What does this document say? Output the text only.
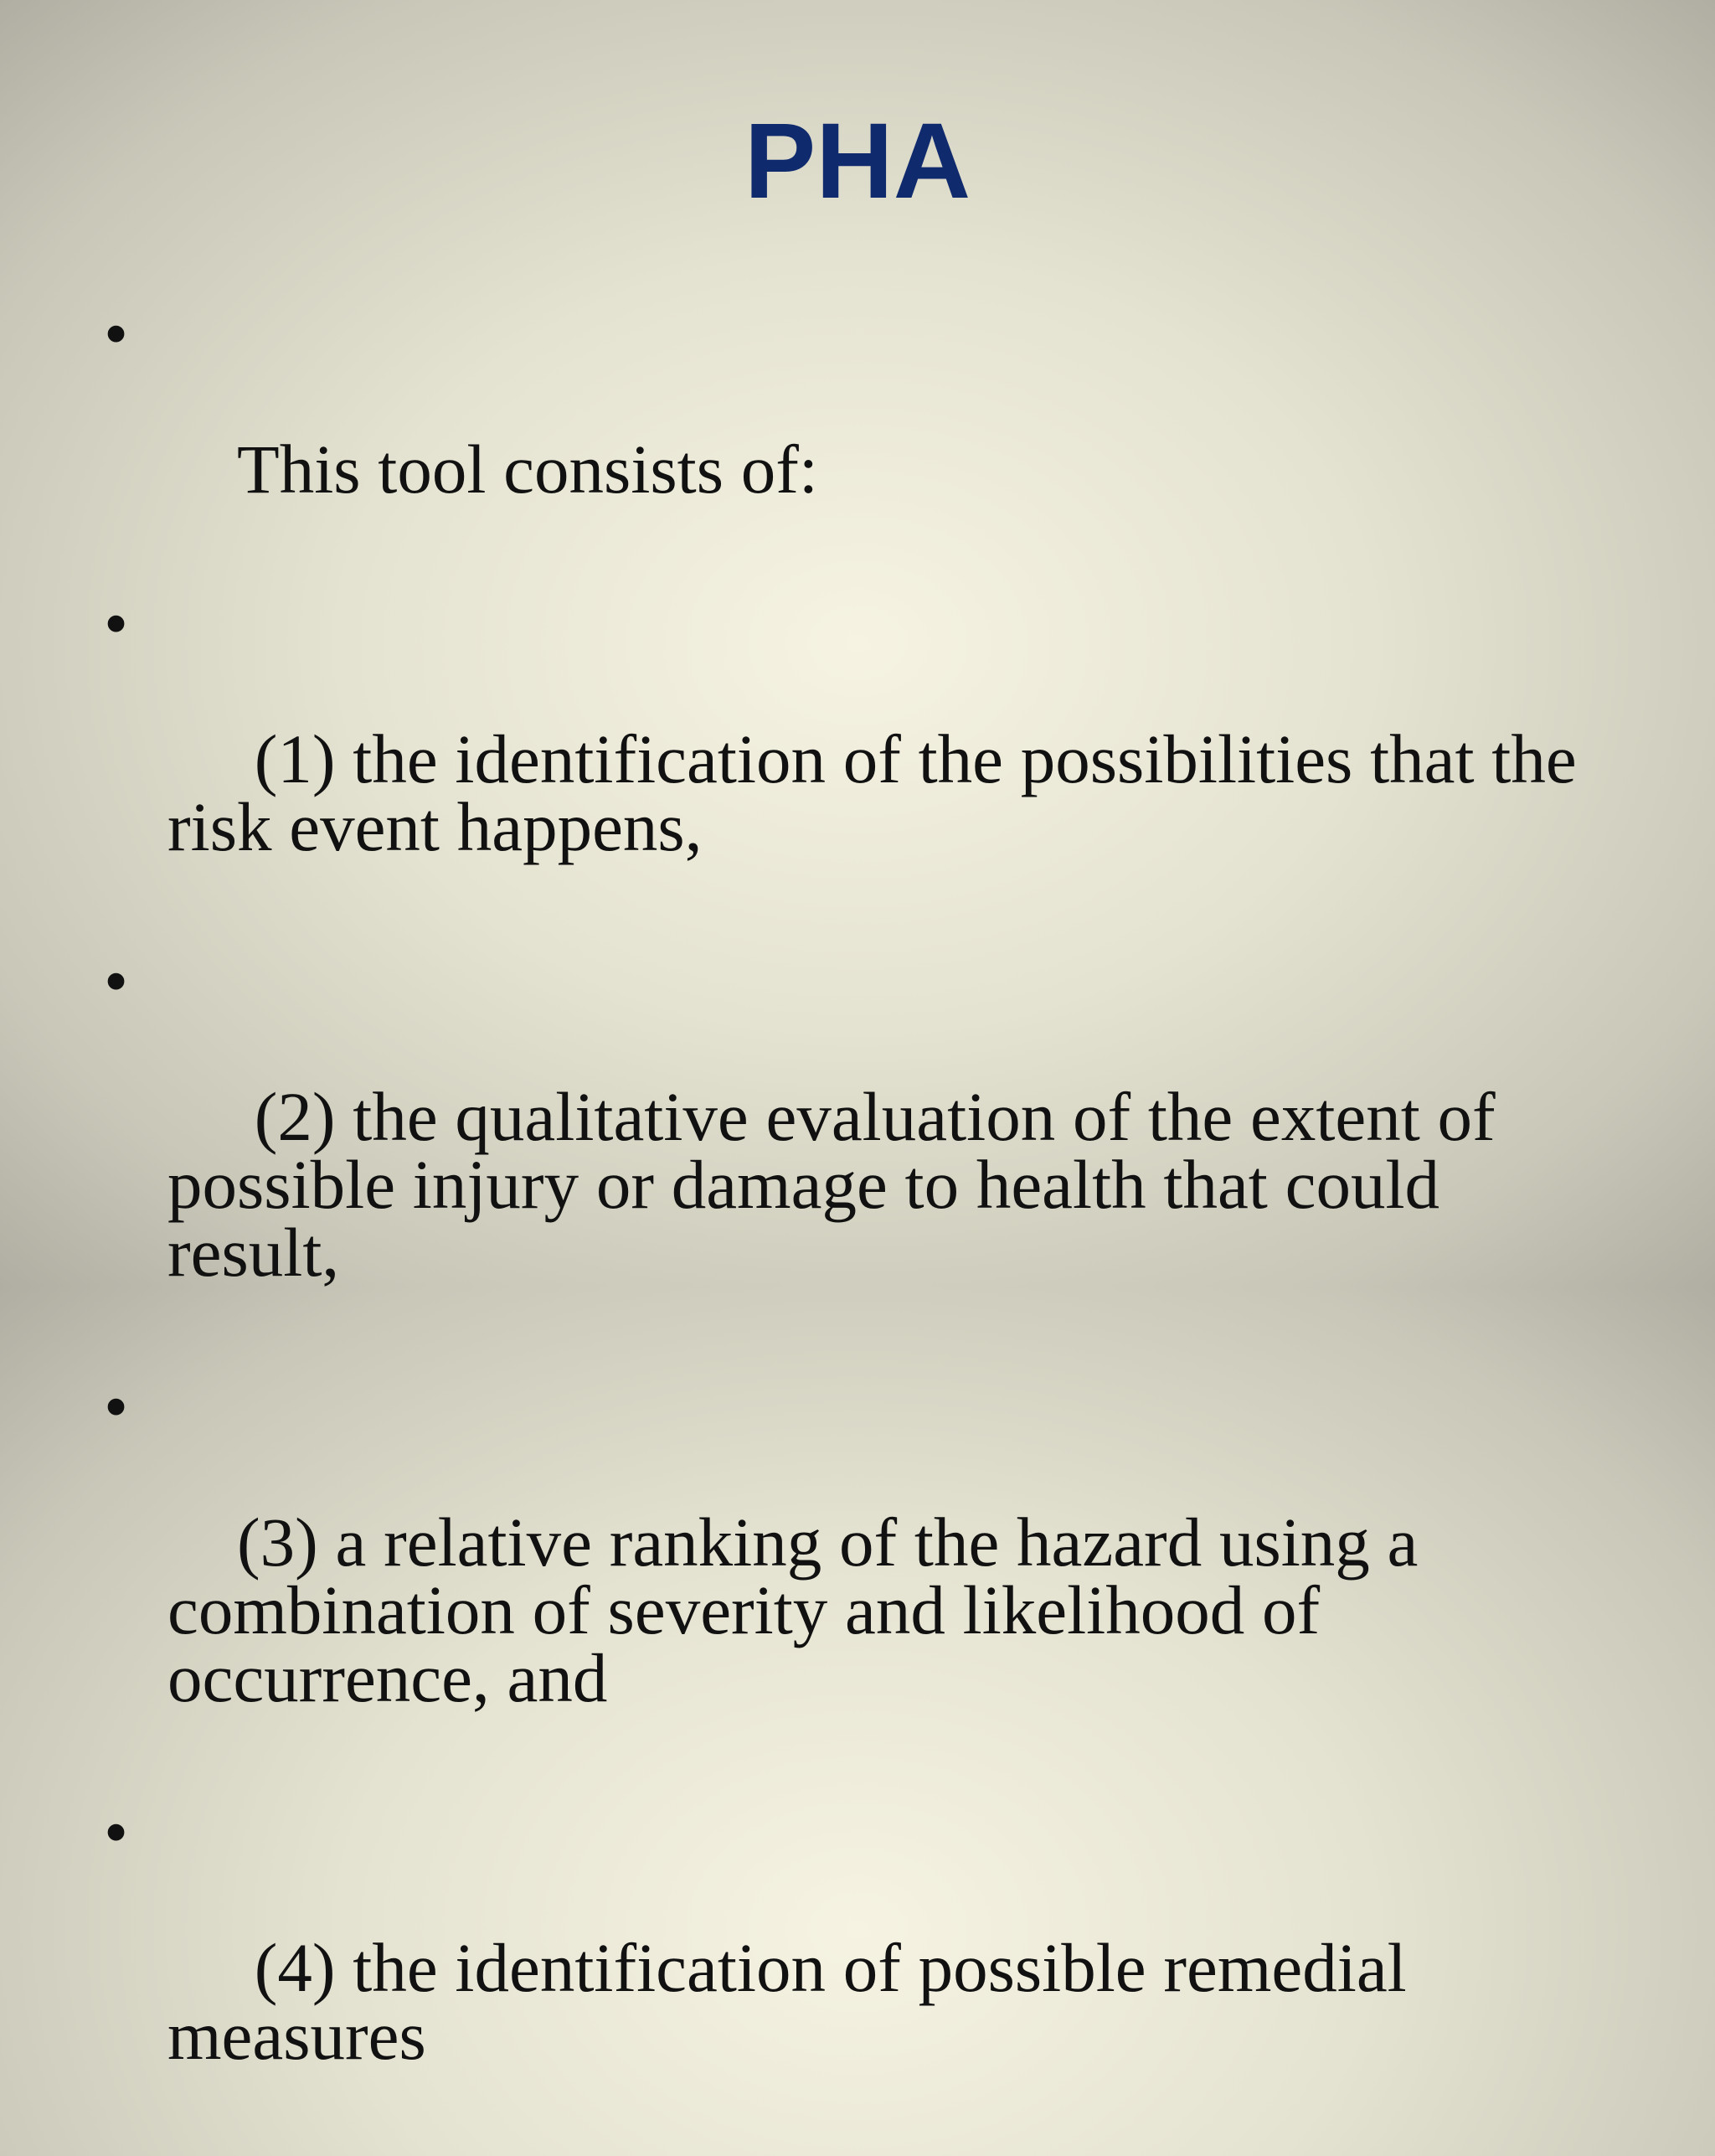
PHA

•

This tool consists of:

•

(1) the identification of the possibilities that the risk event happens,

•

(2) the qualitative evaluation of the extent of possible injury or damage to health that could result,

•

(3) a relative ranking of the hazard using a combination of severity and likelihood of occurrence, and

•

(4) the identification of possible remedial measures
